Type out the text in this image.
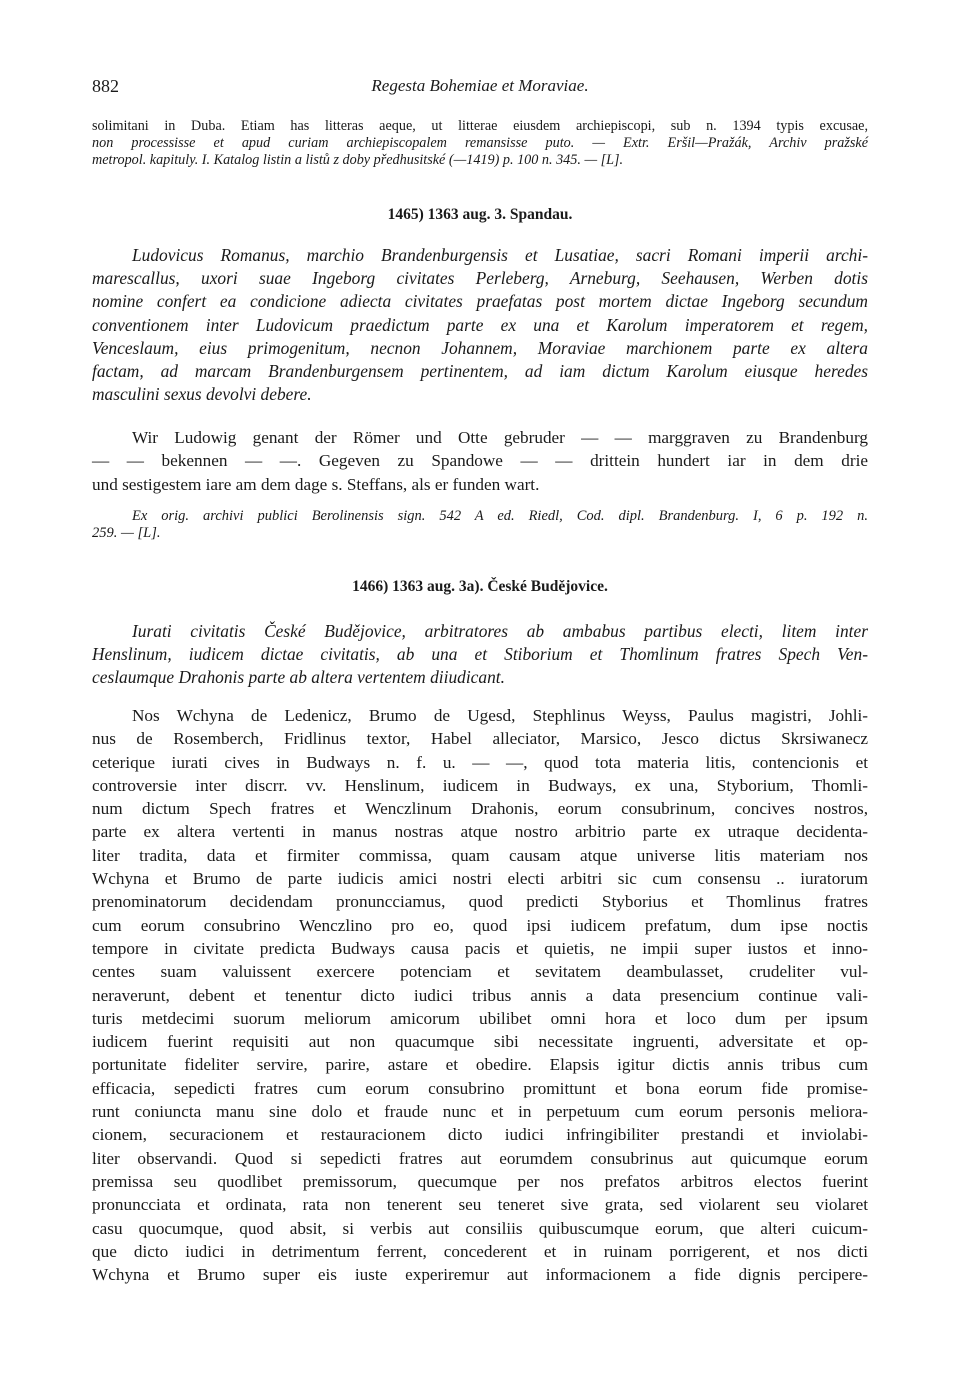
882	Regesta Bohemiae et Moraviae.
solimitani in Duba. Etiam has litteras aeque, ut litterae eiusdem archiepiscopi, sub n. 1394 typis excusae,
non processisse et apud curiam archiepiscopalem remansisse puto. — Extr. Eršil—Pražák, Archiv pražské
metropol. kapituly. I. Katalog listin a listů z doby předhusitské (—1419) p. 100 n. 345. — [L].
1465) 1363 aug. 3. Spandau.
Ludovicus Romanus, marchio Brandenburgensis et Lusatiae, sacri Romani imperii archi-
marescallus, uxori suae Ingeborg civitates Perleberg, Arneburg, Seehausen, Werben dotis
nomine confert ea condicione adiecta civitates praefatas post mortem dictae Ingeborg secundum
conventionem inter Ludovicum praedictum parte ex una et Karolum imperatorem et regem,
Venceslaum, eius primogenitum, necnon Johannem, Moraviae marchionem parte ex altera
factam, ad marcam Brandenburgensem pertinentem, ad iam dictum Karolum eiusque heredes
masculini sexus devolvi debere.
Wir Ludowig genant der Römer und Otte gebruder — — marggraven zu Brandenburg
— — bekennen — —. Gegeven zu Spandowe — — drittein hundert iar in dem drie
und sestigestem iare am dem dage s. Steffans, als er funden wart.
Ex orig. archivi publici Berolinensis sign. 542 A ed. Riedl, Cod. dipl. Brandenburg. I, 6 p. 192 n.
259. — [L].
1466) 1363 aug. 3a). České Budějovice.
Iurati civitatis České Budějovice, arbitratores ab ambabus partibus electi, litem inter
Henslinum, iudicem dictae civitatis, ab una et Stiborium et Thomlinum fratres Spech Ven-
ceslaumque Drahonis parte ab altera vertentem diiudicant.
Nos Wchyna de Ledenicz, Brumo de Ugesd, Stephlinus Weyss, Paulus magistri, Johli-
nus de Rosemberch, Fridlinus textor, Habel alleciator, Marsico, Jesco dictus Skrsiwanecz
ceterique iurati cives in Budways n. f. u. — —, quod tota materia litis, contencionis et
controversie inter discrr. vv. Henslinum, iudicem in Budways, ex una, Styborium, Thomli-
num dictum Spech fratres et Wenczlinum Drahonis, eorum consubrinum, concives nostros,
parte ex altera vertenti in manus nostras atque nostro arbitrio parte ex utraque decidenta-
liter tradita, data et firmiter commissa, quam causam atque universe litis materiam nos
Wchyna et Brumo de parte iudicis amici nostri electi arbitri sic cum consensu .. iuratorum
prenominatorum decidendam pronuncciamus, quod predicti Styborius et Thomlinus fratres
cum eorum consubrino Wenczlino pro eo, quod ipsi iudicem prefatum, dum ipse noctis
tempore in civitate predicta Budways causa pacis et quietis, ne impii super iustos et inno-
centes suam valuissent exercere potenciam et sevitatem deambulasset, crudeliter vul-
neraverunt, debent et tenentur dicto iudici tribus annis a data presencium continue vali-
turis metdecimi suorum meliorum amicorum ubilibet omni hora et loco dum per ipsum
iudicem fuerint requisiti aut non quacumque sibi necessitate ingruenti, adversitate et op-
portunitate fideliter servire, parire, astare et obedire. Elapsis igitur dictis annis tribus cum
efficacia, sepedicti fratres cum eorum consubrino promittunt et bona eorum fide promise-
runt coniuncta manu sine dolo et fraude nunc et in perpetuum cum eorum personis meliora-
cionem, securacionem et restauracionem dicto iudici infringibiliter prestandi et inviolabi-
liter observandi. Quod si sepedicti fratres aut eorumdem consubrinus aut quicumque eorum
premissa seu quodlibet premissorum, quecumque per nos prefatos arbitros electos fuerint
pronuncciata et ordinata, rata non tenerent seu teneret sive grata, sed violarent seu violaret
casu quocumque, quod absit, si verbis aut consiliis quibuscumque eorum, que alteri cuicum-
que dicto iudici in detrimentum ferrent, concederent et in ruinam porrigerent, et nos dicti
Wchyna et Brumo super eis iuste experiremur aut informacionem a fide dignis percipere-
